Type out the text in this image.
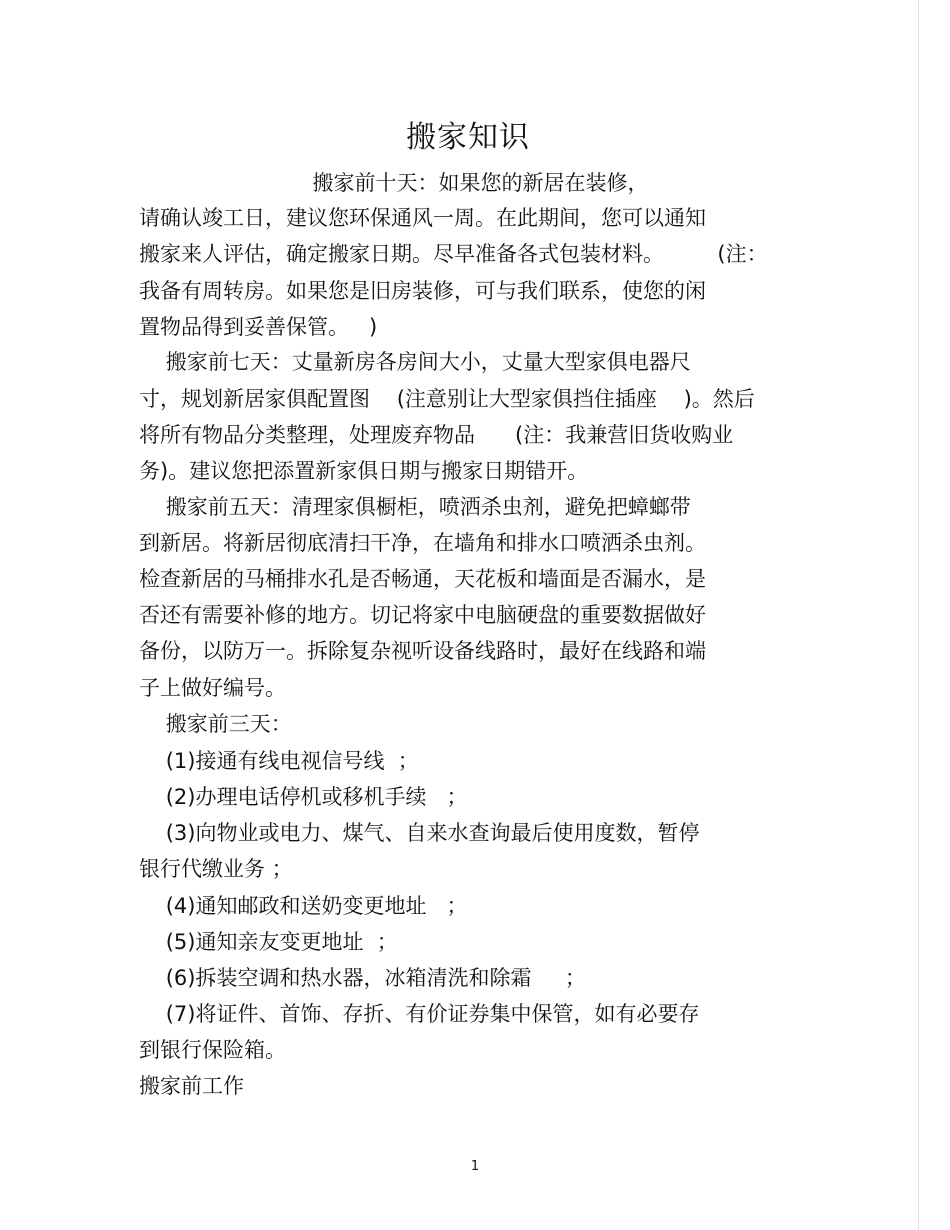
搬家知识
搬家前十天：如果您的新居在装修，
请确认竣工日，建议您环保通风一周。在此期间，您可以通知
搬家来人评估，确定搬家日期。尽早准备各式包装材料。        (注：
我备有周转房。如果您是旧房装修，可与我们联系，使您的闲
置物品得到妥善保管。   )
搬家前七天：丈量新房各房间大小，丈量大型家俱电器尺
寸，规划新居家俱配置图    (注意别让大型家俱挡住插座    )。然后
将所有物品分类整理，处理废弃物品      (注：我兼营旧货收购业
务)。建议您把添置新家俱日期与搬家日期错开。
搬家前五天：清理家俱橱柜，喷洒杀虫剂，避免把蟑螂带
到新居。将新居彻底清扫干净，在墙角和排水口喷洒杀虫剂。
检查新居的马桶排水孔是否畅通，天花板和墙面是否漏水，是
否还有需要补修的地方。切记将家中电脑硬盘的重要数据做好
备份，以防万一。拆除复杂视听设备线路时，最好在线路和端
子上做好编号。
搬家前三天：
(1)接通有线电视信号线  ；
(2)办理电话停机或移机手续   ；
(3)向物业或电力、煤气、自来水查询最后使用度数，暂停
银行代缴业务 ；
(4)通知邮政和送奶变更地址   ；
(5)通知亲友变更地址  ；
(6)拆装空调和热水器，冰箱清洗和除霜     ；
(7)将证件、首饰、存折、有价证券集中保管，如有必要存
到银行保险箱。
搬家前工作
1
